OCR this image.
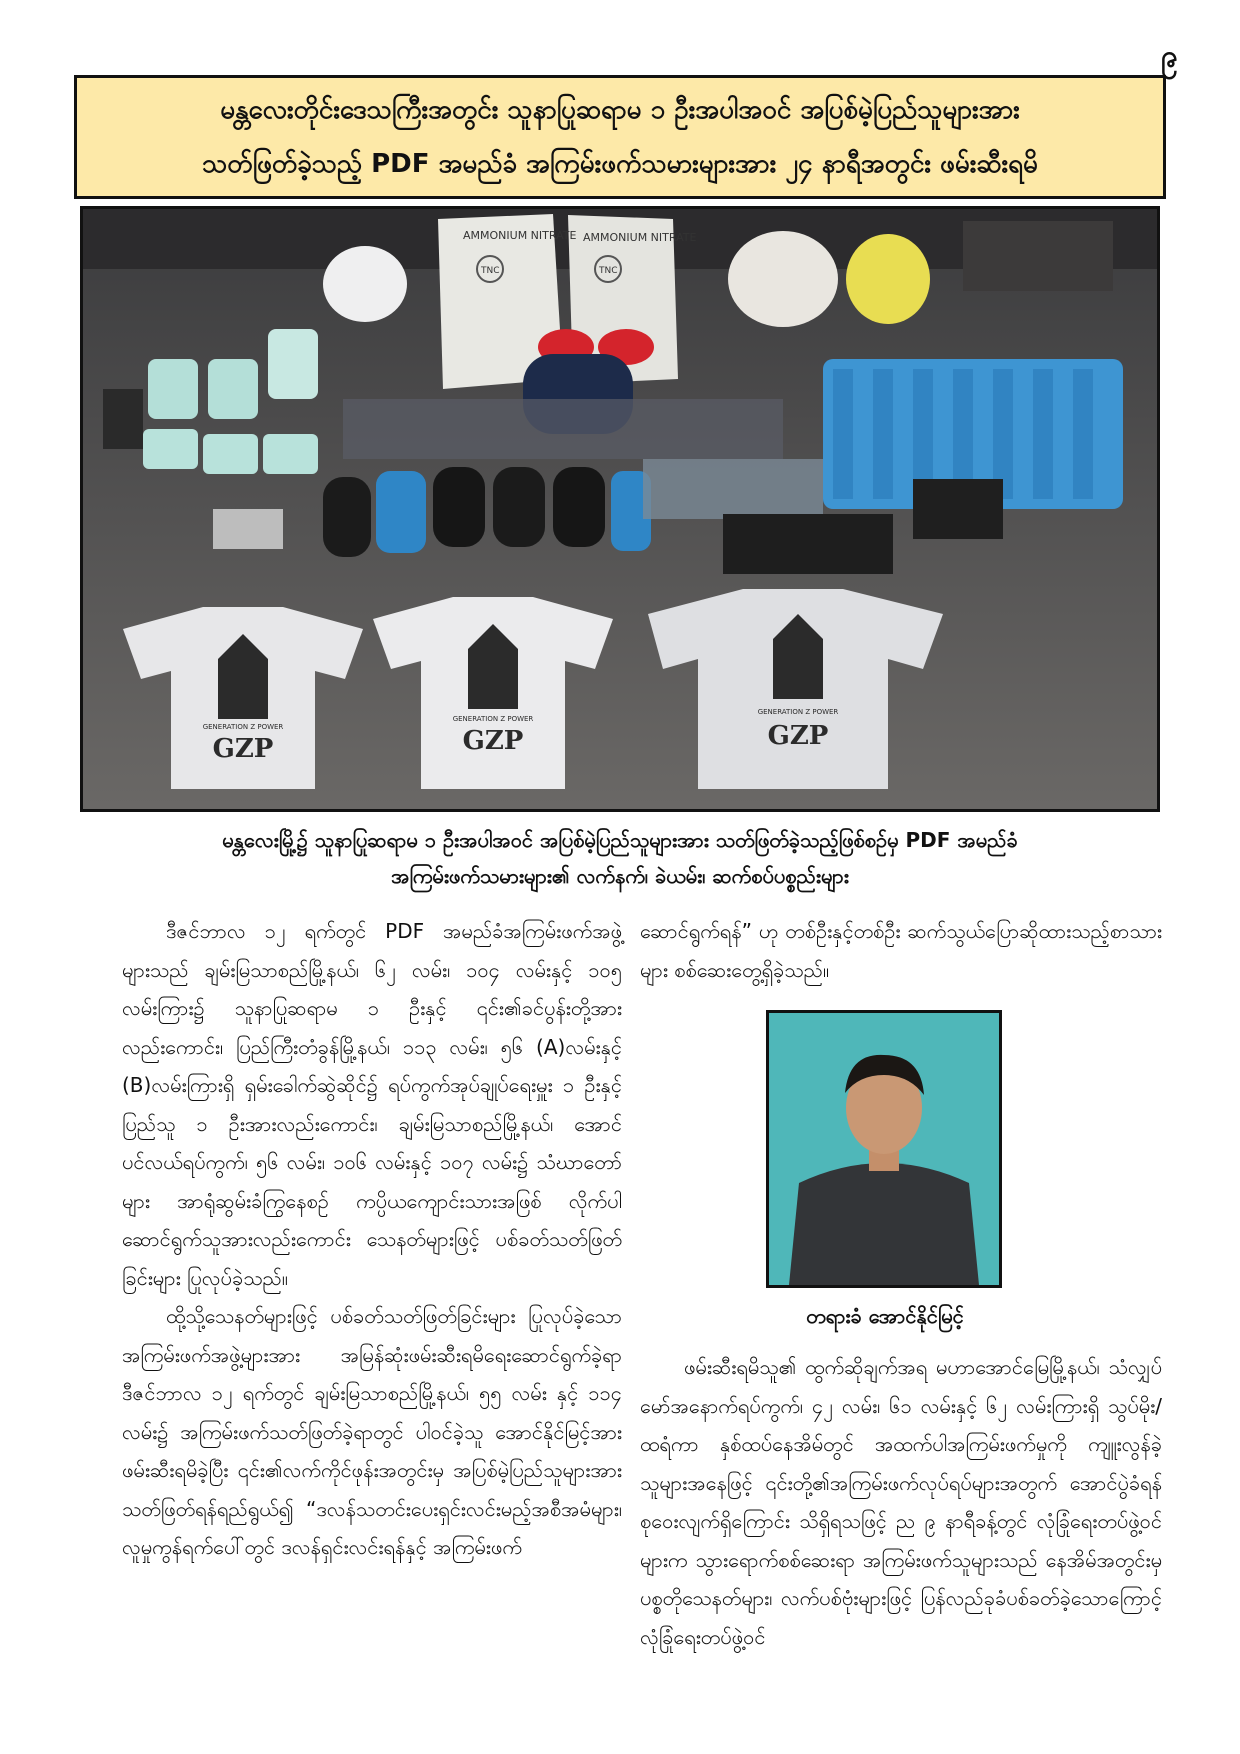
၉

မန္တလေးတိုင်းဒေသကြီးအတွင်း သူနာပြုဆရာမ ၁ ဦးအပါအဝင် အပြစ်မဲ့ပြည်သူများအား

သတ်ဖြတ်ခဲ့သည့် PDF အမည်ခံ အကြမ်းဖက်သမားများအား ၂၄ နာရီအတွင်း ဖမ်းဆီးရမိ

AMMONIUM NITRATE AMMONIUM NITRATE
TNC	TNC
GZP
GENERATION Z POWER	GZP
GENERATION Z POWER
GZP
GENERATION Z POWER

မန္တလေးမြို့၌ သူနာပြုဆရာမ ၁ ဦးအပါအဝင် အပြစ်မဲ့ပြည်သူများအား သတ်ဖြတ်ခဲ့သည့်ဖြစ်စဉ်မှ PDF အမည်ခံ

အကြမ်းဖက်သမားများ၏ လက်နက်၊ ခဲယမ်း၊ ဆက်စပ်ပစ္စည်းများ

ဒီဇင်ဘာလ ၁၂ ရက်တွင် PDF အမည်ခံအကြမ်းဖက်အဖွဲ့များသည် ချမ်းမြသာစည်မြို့နယ်၊ ၆၂ လမ်း၊ ၁၀၄ လမ်းနှင့် ၁၀၅ လမ်းကြား၌ သူနာပြုဆရာမ ၁ ဦးနှင့် ၎င်း၏ခင်ပွန်းတို့အားလည်းကောင်း၊ ပြည်ကြီးတံခွန်မြို့နယ်၊ ၁၁၃ လမ်း၊ ၅၆ (A)လမ်းနှင့် (B)လမ်းကြားရှိ ရှမ်းခေါက်ဆွဲဆိုင်၌ ရပ်ကွက်အုပ်ချုပ်ရေးမှူး ၁ ဦးနှင့် ပြည်သူ ၁ ဦးအားလည်းကောင်း၊ ချမ်းမြသာစည်မြို့နယ်၊ အောင်ပင်လယ်ရပ်ကွက်၊ ၅၆ လမ်း၊ ၁၀၆ လမ်းနှင့် ၁၀၇ လမ်း၌ သံဃာတော်များ အာရုံဆွမ်းခံကြွနေစဉ် ကပ္ပိယကျောင်းသားအဖြစ် လိုက်ပါဆောင်ရွက်သူအားလည်းကောင်း သေနတ်များဖြင့် ပစ်ခတ်သတ်ဖြတ်ခြင်းများ ပြုလုပ်ခဲ့သည်။

ထို့သို့သေနတ်များဖြင့် ပစ်ခတ်သတ်ဖြတ်ခြင်းများ ပြုလုပ်ခဲ့သော အကြမ်းဖက်အဖွဲ့များအား အမြန်ဆုံးဖမ်းဆီးရမိရေးဆောင်ရွက်ခဲ့ရာ ဒီဇင်ဘာလ ၁၂ ရက်တွင် ချမ်းမြသာစည်မြို့နယ်၊ ၅၅ လမ်း နှင့် ၁၁၄ လမ်း၌ အကြမ်းဖက်သတ်ဖြတ်ခဲ့ရာတွင် ပါဝင်ခဲ့သူ အောင်နိုင်မြင့်အား ဖမ်းဆီးရမိခဲ့ပြီး ၎င်း၏လက်ကိုင်ဖုန်းအတွင်းမှ အပြစ်မဲ့ပြည်သူများအား သတ်ဖြတ်ရန်ရည်ရွယ်၍ “ဒလန်သတင်းပေးရှင်းလင်းမည့်အစီအမံများ၊ လူမှုကွန်ရက်ပေါ်တွင် ဒလန်ရှင်းလင်းရန်နှင့် အကြမ်းဖက်

ဆောင်ရွက်ရန်” ဟု တစ်ဦးနှင့်တစ်ဦး ဆက်သွယ်ပြောဆိုထားသည့်စာသားများ စစ်ဆေးတွေ့ရှိခဲ့သည်။

တရားခံ အောင်နိုင်မြင့်

ဖမ်းဆီးရမိသူ၏ ထွက်ဆိုချက်အရ မဟာအောင်မြေမြို့နယ်၊ သံလျှပ်မော်အနောက်ရပ်ကွက်၊ ၄၂ လမ်း၊ ၆၁ လမ်းနှင့် ၆၂ လမ်းကြားရှိ သွပ်မိုး/ထရံကာ နှစ်ထပ်နေအိမ်တွင် အထက်ပါအကြမ်းဖက်မှုကို ကျူးလွန်ခဲ့သူများအနေဖြင့် ၎င်းတို့၏အကြမ်းဖက်လုပ်ရပ်များအတွက် အောင်ပွဲခံရန် စုဝေးလျက်ရှိကြောင်း သိရှိရသဖြင့် ည ၉ နာရီခန့်တွင် လုံခြုံရေးတပ်ဖွဲ့ဝင်များက သွားရောက်စစ်ဆေးရာ အကြမ်းဖက်သူများသည် နေအိမ်အတွင်းမှ ပစ္စတိုသေနတ်များ၊ လက်ပစ်ဗုံးများဖြင့် ပြန်လည်ခုခံပစ်ခတ်ခဲ့သောကြောင့် လုံခြုံရေးတပ်ဖွဲ့ဝင်
